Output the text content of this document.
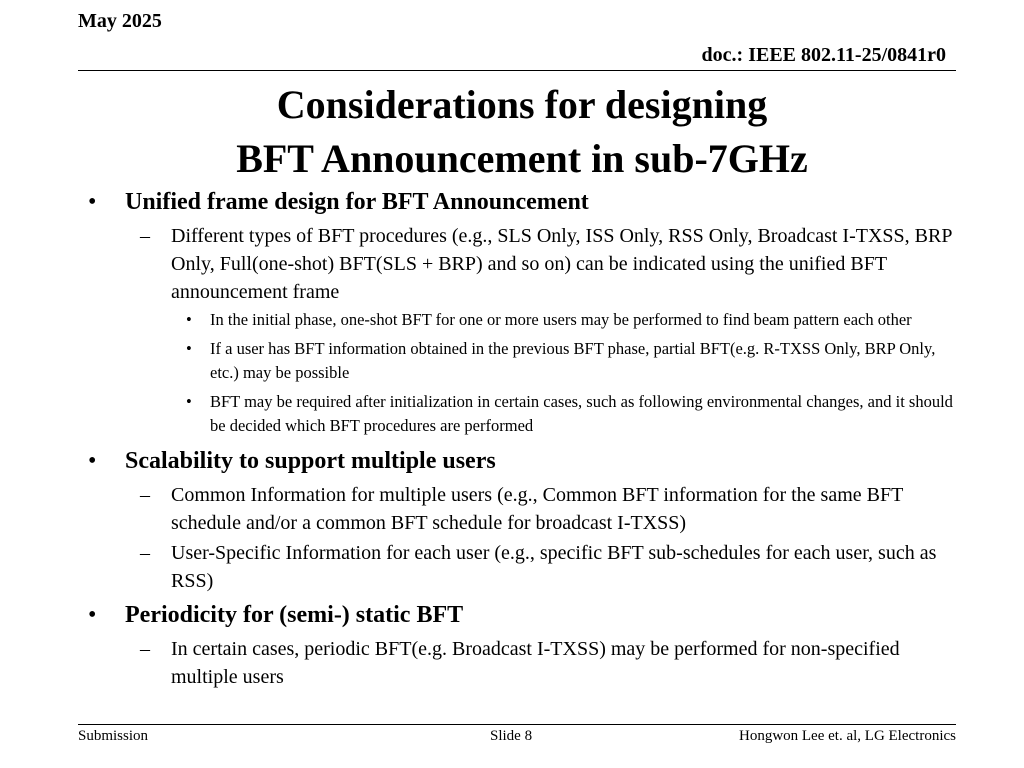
May 2025
doc.: IEEE 802.11-25/0841r0
Considerations for designing
BFT Announcement in sub-7GHz
• Unified frame design for BFT Announcement
– Different types of BFT procedures (e.g., SLS Only, ISS Only, RSS Only, Broadcast I-TXSS, BRP Only, Full(one-shot) BFT(SLS + BRP) and so on) can be indicated using the unified BFT announcement frame
• In the initial phase, one-shot BFT for one or more users may be performed to find beam pattern each other
• If a user has BFT information obtained in the previous BFT phase, partial BFT(e.g. R-TXSS Only, BRP Only, etc.) may be possible
• BFT may be required after initialization in certain cases, such as following environmental changes, and it should be decided which BFT procedures are performed
• Scalability to support multiple users
– Common Information for multiple users (e.g., Common BFT information for the same BFT schedule and/or a common BFT schedule for broadcast I-TXSS)
– User-Specific Information for each user (e.g., specific BFT sub-schedules for each user, such as RSS)
• Periodicity for (semi-) static BFT
– In certain cases, periodic BFT(e.g. Broadcast I-TXSS) may be performed for non-specified multiple users
Submission	Slide 8	Hongwon Lee et. al, LG Electronics
